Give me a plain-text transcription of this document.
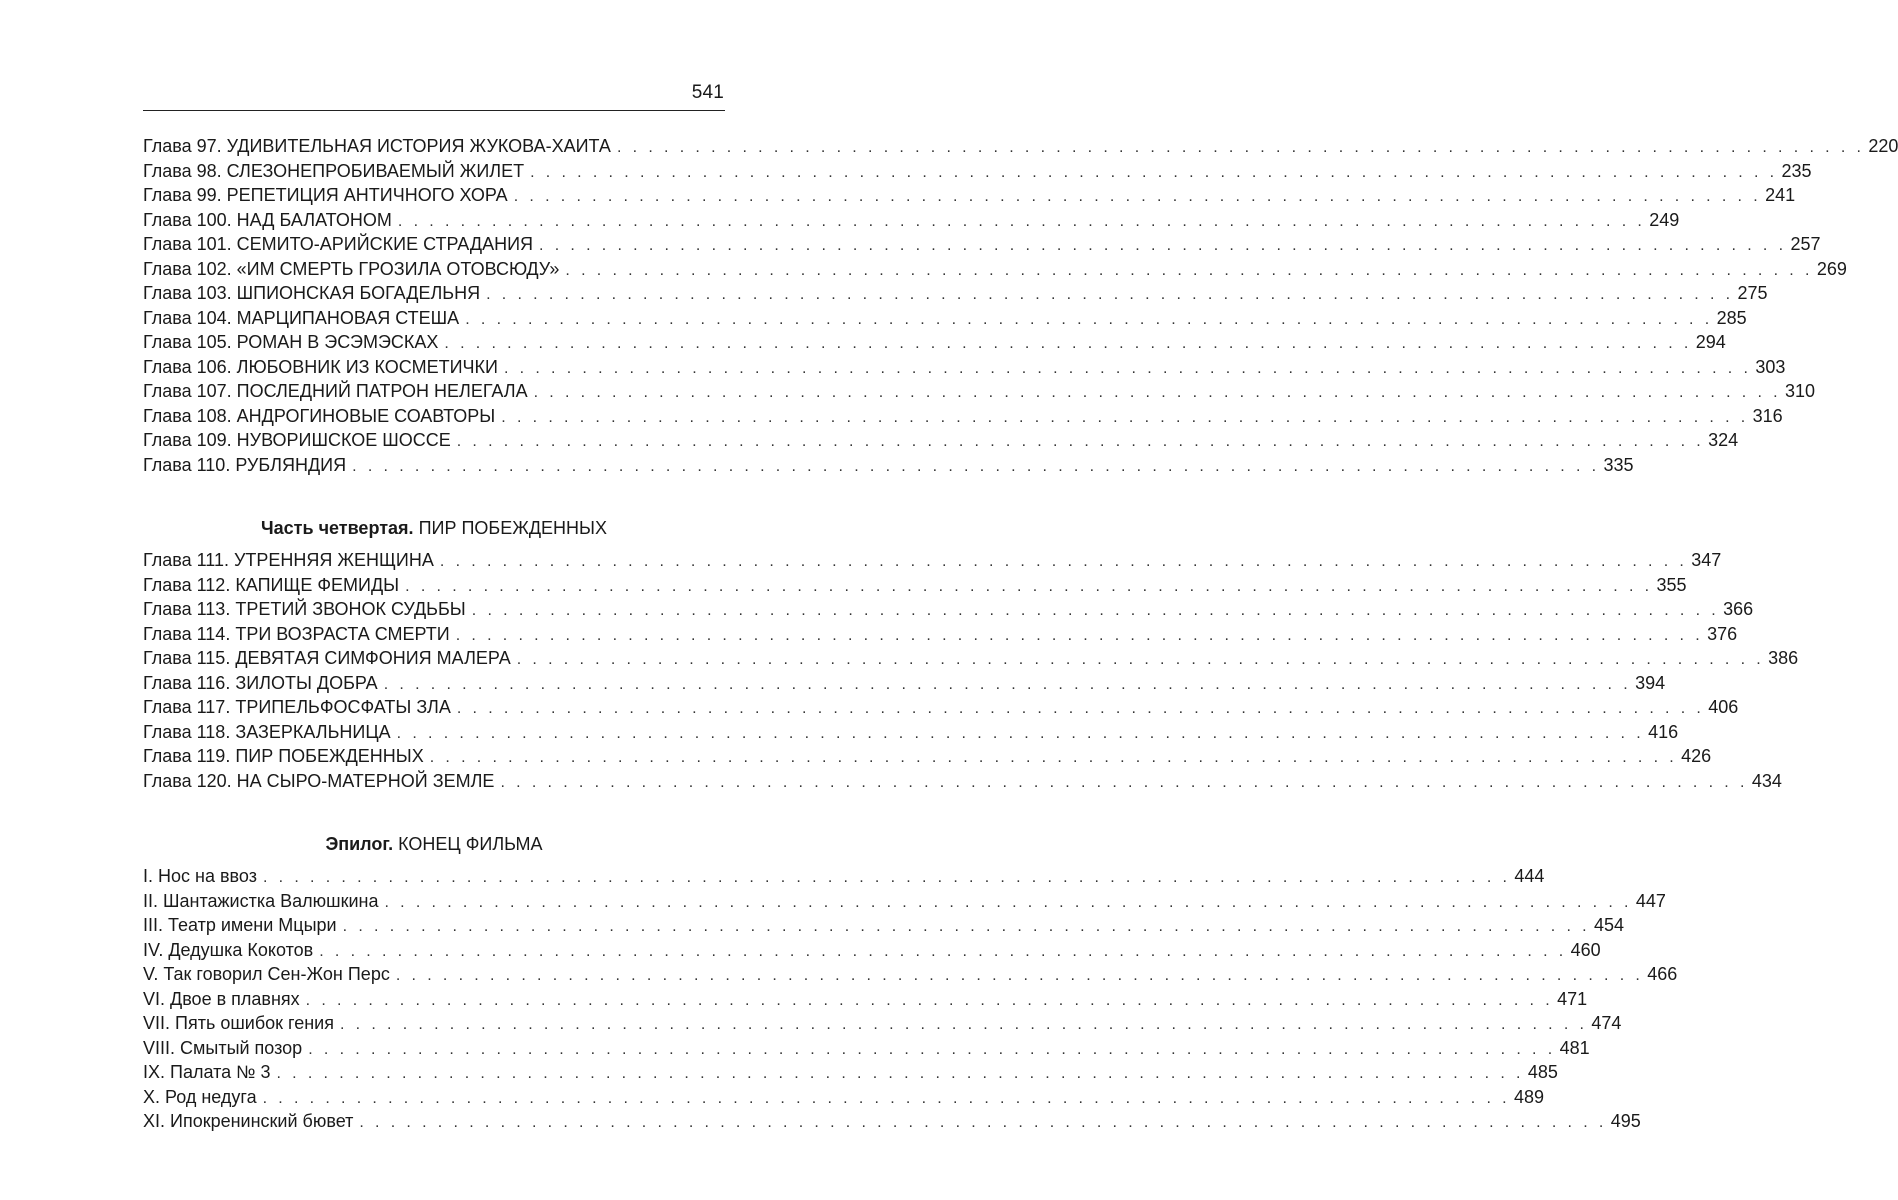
541
Глава 97. УДИВИТЕЛЬНАЯ ИСТОРИЯ ЖУКОВА-ХАИТА . . . . . . . . . . . . . . . . . . . . . . . . . . . . . . . . . . . . . . . . . . . . . . . . . . . . . . . . . . . . . . . . . . . . . . . . . . . . . . . . 220
Глава 98. СЛЕЗОНЕПРОБИВАЕМЫЙ ЖИЛЕТ . . . . . . . . . . . . . . . . . . . . . . . . . . . . . . . . . . . . . . . . . . . . . . . . . . . . . . . . . . . . . . . . . . . . . . . . . . . . . . . . 235
Глава 99. РЕПЕТИЦИЯ АНТИЧНОГО ХОРА . . . . . . . . . . . . . . . . . . . . . . . . . . . . . . . . . . . . . . . . . . . . . . . . . . . . . . . . . . . . . . . . . . . . . . . . . . . . . . . . 241
Глава 100. НАД БАЛАТОНОМ . . . . . . . . . . . . . . . . . . . . . . . . . . . . . . . . . . . . . . . . . . . . . . . . . . . . . . . . . . . . . . . . . . . . . . . . . . . . . . . . 249
Глава 101. СЕМИТО-АРИЙСКИЕ СТРАДАНИЯ . . . . . . . . . . . . . . . . . . . . . . . . . . . . . . . . . . . . . . . . . . . . . . . . . . . . . . . . . . . . . . . . . . . . . . . . . . . . . . . . 257
Глава 102. «ИМ СМЕРТЬ ГРОЗИЛА ОТОВСЮДУ» . . . . . . . . . . . . . . . . . . . . . . . . . . . . . . . . . . . . . . . . . . . . . . . . . . . . . . . . . . . . . . . . . . . . . . . . . . . . . . . . 269
Глава 103. ШПИОНСКАЯ БОГАДЕЛЬНЯ . . . . . . . . . . . . . . . . . . . . . . . . . . . . . . . . . . . . . . . . . . . . . . . . . . . . . . . . . . . . . . . . . . . . . . . . . . . . . . . . 275
Глава 104. МАРЦИПАНОВАЯ СТЕША . . . . . . . . . . . . . . . . . . . . . . . . . . . . . . . . . . . . . . . . . . . . . . . . . . . . . . . . . . . . . . . . . . . . . . . . . . . . . . . . 285
Глава 105. РОМАН В ЭСЭМЭСКАХ . . . . . . . . . . . . . . . . . . . . . . . . . . . . . . . . . . . . . . . . . . . . . . . . . . . . . . . . . . . . . . . . . . . . . . . . . . . . . . . . 294
Глава 106. ЛЮБОВНИК ИЗ КОСМЕТИЧКИ . . . . . . . . . . . . . . . . . . . . . . . . . . . . . . . . . . . . . . . . . . . . . . . . . . . . . . . . . . . . . . . . . . . . . . . . . . . . . . . . 303
Глава 107. ПОСЛЕДНИЙ ПАТРОН НЕЛЕГАЛА . . . . . . . . . . . . . . . . . . . . . . . . . . . . . . . . . . . . . . . . . . . . . . . . . . . . . . . . . . . . . . . . . . . . . . . . . . . . . . . . 310
Глава 108. АНДРОГИНОВЫЕ СОАВТОРЫ . . . . . . . . . . . . . . . . . . . . . . . . . . . . . . . . . . . . . . . . . . . . . . . . . . . . . . . . . . . . . . . . . . . . . . . . . . . . . . . . 316
Глава 109. НУВОРИШСКОЕ ШОССЕ . . . . . . . . . . . . . . . . . . . . . . . . . . . . . . . . . . . . . . . . . . . . . . . . . . . . . . . . . . . . . . . . . . . . . . . . . . . . . . . . 324
Глава 110. РУБЛЯНДИЯ . . . . . . . . . . . . . . . . . . . . . . . . . . . . . . . . . . . . . . . . . . . . . . . . . . . . . . . . . . . . . . . . . . . . . . . . . . . . . . . . 335
Часть четвертая. ПИР ПОБЕЖДЕННЫХ
Глава 111. УТРЕННЯЯ ЖЕНЩИНА . . . . . . . . . . . . . . . . . . . . . . . . . . . . . . . . . . . . . . . . . . . . . . . . . . . . . . . . . . . . . . . . . . . . . . . . . . . . . . . . 347
Глава 112. КАПИЩЕ ФЕМИДЫ . . . . . . . . . . . . . . . . . . . . . . . . . . . . . . . . . . . . . . . . . . . . . . . . . . . . . . . . . . . . . . . . . . . . . . . . . . . . . . . . 355
Глава 113. ТРЕТИЙ ЗВОНОК СУДЬБЫ . . . . . . . . . . . . . . . . . . . . . . . . . . . . . . . . . . . . . . . . . . . . . . . . . . . . . . . . . . . . . . . . . . . . . . . . . . . . . . . . 366
Глава 114. ТРИ ВОЗРАСТА СМЕРТИ . . . . . . . . . . . . . . . . . . . . . . . . . . . . . . . . . . . . . . . . . . . . . . . . . . . . . . . . . . . . . . . . . . . . . . . . . . . . . . . . 376
Глава 115. ДЕВЯТАЯ СИМФОНИЯ МАЛЕРА . . . . . . . . . . . . . . . . . . . . . . . . . . . . . . . . . . . . . . . . . . . . . . . . . . . . . . . . . . . . . . . . . . . . . . . . . . . . . . . . 386
Глава 116. ЗИЛОТЫ ДОБРА . . . . . . . . . . . . . . . . . . . . . . . . . . . . . . . . . . . . . . . . . . . . . . . . . . . . . . . . . . . . . . . . . . . . . . . . . . . . . . . . 394
Глава 117. ТРИПЕЛЬФОСФАТЫ ЗЛА . . . . . . . . . . . . . . . . . . . . . . . . . . . . . . . . . . . . . . . . . . . . . . . . . . . . . . . . . . . . . . . . . . . . . . . . . . . . . . . . 406
Глава 118. ЗАЗЕРКАЛЬНИЦА . . . . . . . . . . . . . . . . . . . . . . . . . . . . . . . . . . . . . . . . . . . . . . . . . . . . . . . . . . . . . . . . . . . . . . . . . . . . . . . . 416
Глава 119. ПИР ПОБЕЖДЕННЫХ . . . . . . . . . . . . . . . . . . . . . . . . . . . . . . . . . . . . . . . . . . . . . . . . . . . . . . . . . . . . . . . . . . . . . . . . . . . . . . . . 426
Глава 120. НА СЫРО-МАТЕРНОЙ ЗЕМЛЕ . . . . . . . . . . . . . . . . . . . . . . . . . . . . . . . . . . . . . . . . . . . . . . . . . . . . . . . . . . . . . . . . . . . . . . . . . . . . . . . . 434
Эпилог. КОНЕЦ ФИЛЬМА
I. Нос на ввоз . . . . . . . . . . . . . . . . . . . . . . . . . . . . . . . . . . . . . . . . . . . . . . . . . . . . . . . . . . . . . . . . . . . . . . . . . . . . . . . . 444
II. Шантажистка Валюшкина . . . . . . . . . . . . . . . . . . . . . . . . . . . . . . . . . . . . . . . . . . . . . . . . . . . . . . . . . . . . . . . . . . . . . . . . . . . . . . . . 447
III. Театр имени Мцыри . . . . . . . . . . . . . . . . . . . . . . . . . . . . . . . . . . . . . . . . . . . . . . . . . . . . . . . . . . . . . . . . . . . . . . . . . . . . . . . . 454
IV. Дедушка Кокотов . . . . . . . . . . . . . . . . . . . . . . . . . . . . . . . . . . . . . . . . . . . . . . . . . . . . . . . . . . . . . . . . . . . . . . . . . . . . . . . . 460
V. Так говорил Сен-Жон Перс . . . . . . . . . . . . . . . . . . . . . . . . . . . . . . . . . . . . . . . . . . . . . . . . . . . . . . . . . . . . . . . . . . . . . . . . . . . . . . . . 466
VI. Двое в плавнях . . . . . . . . . . . . . . . . . . . . . . . . . . . . . . . . . . . . . . . . . . . . . . . . . . . . . . . . . . . . . . . . . . . . . . . . . . . . . . . . 471
VII. Пять ошибок гения . . . . . . . . . . . . . . . . . . . . . . . . . . . . . . . . . . . . . . . . . . . . . . . . . . . . . . . . . . . . . . . . . . . . . . . . . . . . . . . . 474
VIII. Смытый позор . . . . . . . . . . . . . . . . . . . . . . . . . . . . . . . . . . . . . . . . . . . . . . . . . . . . . . . . . . . . . . . . . . . . . . . . . . . . . . . . 481
IX. Палата № 3 . . . . . . . . . . . . . . . . . . . . . . . . . . . . . . . . . . . . . . . . . . . . . . . . . . . . . . . . . . . . . . . . . . . . . . . . . . . . . . . . 485
X. Род недуга . . . . . . . . . . . . . . . . . . . . . . . . . . . . . . . . . . . . . . . . . . . . . . . . . . . . . . . . . . . . . . . . . . . . . . . . . . . . . . . . 489
XI. Ипокренинский бювет . . . . . . . . . . . . . . . . . . . . . . . . . . . . . . . . . . . . . . . . . . . . . . . . . . . . . . . . . . . . . . . . . . . . . . . . . . . . . . . . 495
